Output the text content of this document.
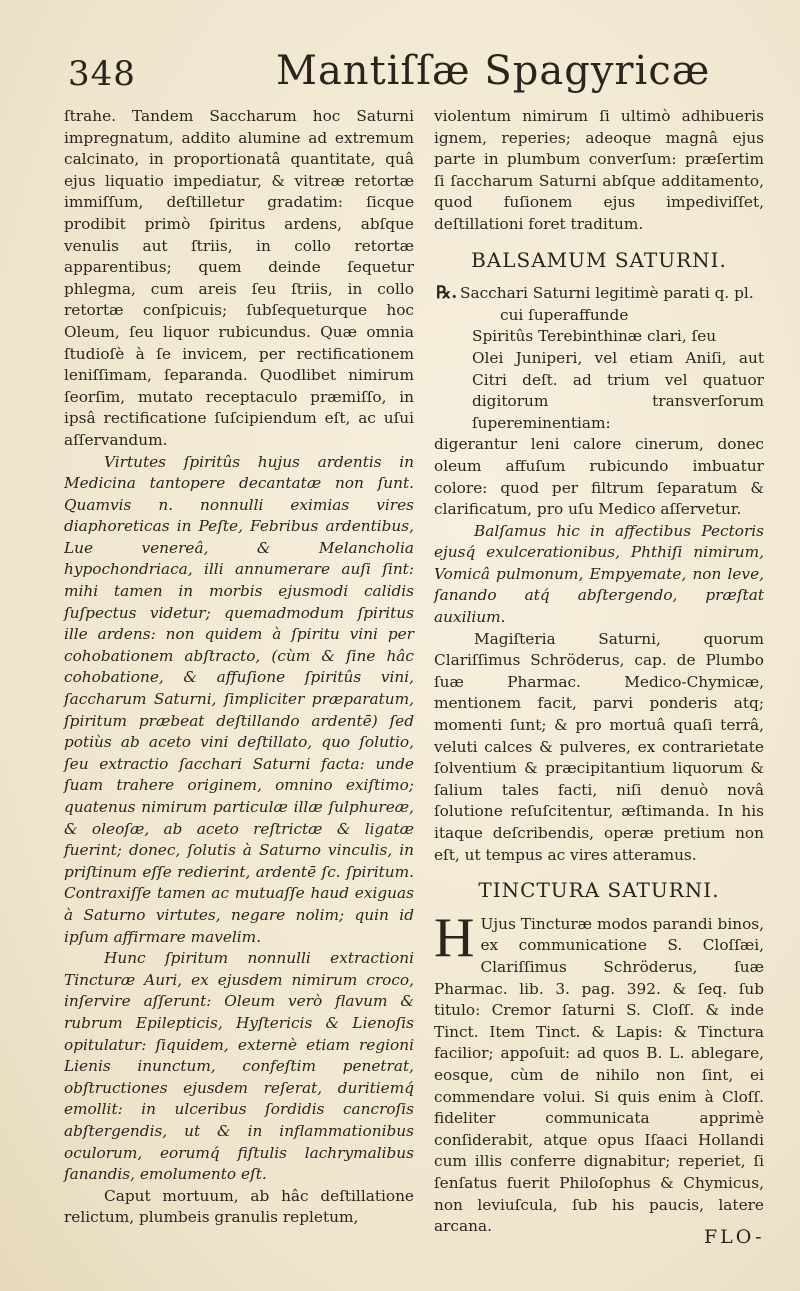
348	Mantiſſæ Spagyricæ

ſtrahe. Tandem Saccharum hoc Saturni impregnatum, addito alumine ad extremum calcinato, in proportionatâ quantitate, quâ ejus liquatio impediatur, & vitreæ retortæ immiſſum, deſtilletur gradatim: ſicque prodibit primò ſpiritus ardens, abſque venulis aut ſtriis, in collo retortæ apparentibus; quem deinde ſequetur phlegma, cum areis ſeu ſtriis, in collo retortæ conſpicuis; ſubſequeturque hoc Oleum, ſeu liquor rubicundus. Quæ omnia ſtudioſè à ſe invicem, per rectificationem leniſſimam, ſeparanda. Quodlibet nimirum ſeorſim, mutato receptaculo præmiſſo, in ipsâ rectificatione ſuſcipiendum eſt, ac uſui aſſervandum.

Virtutes ſpiritûs hujus ardentis in Medicina tantopere decantatæ non ſunt. Quamvis n. nonnulli eximias vires diaphoreticas in Peſte, Febribus ardentibus, Lue venereâ, & Melancholia hypochondriaca, illi annumerare auſi ſint: mihi tamen in morbis ejusmodi calidis ſuſpectus videtur; quemadmodum ſpiritus ille ardens: non quidem à ſpiritu vini per cohobationem abſtracto, (cùm & ſine hâc cohobatione, & affuſione ſpiritûs vini, ſaccharum Saturni, ſimpliciter præparatum, ſpiritum præbeat deſtillando ardentē) ſed potiùs ab aceto vini deſtillato, quo ſolutio, ſeu extractio ſacchari Saturni facta: unde ſuam trahere originem, omnino exiſtimo; quatenus nimirum particulæ illæ ſulphureæ, & oleoſæ, ab aceto reſtrictæ & ligatæ fuerint; donec, ſolutis à Saturno vinculis, in priſtinum eſſe redierint, ardentē ſc. ſpiritum. Contraxiſſe tamen ac mutuaſſe haud exiguas à Saturno virtutes, negare nolim; quin id ipſum affirmare mavelim.

Hunc ſpiritum nonnulli extractioni Tincturæ Auri, ex ejusdem nimirum croco, inſervire aſſerunt: Oleum verò flavum & rubrum Epilepticis, Hyſtericis & Lienoſis opitulatur: ſiquidem, externè etiam regioni Lienis inunctum, confeſtim penetrat, obſtructiones ejusdem reſerat, duritiemq́ emollit: in ulceribus ſordidis cancroſis abſtergendis, ut & in inflammationibus oculorum, eorumq́ fiſtulis lachrymalibus ſanandis, emolumento eſt.

Caput mortuum, ab hâc deſtillatione relictum, plumbeis granulis repletum,

violentum nimirum ſi ultimò adhibueris ignem, reperies; adeoque magnâ ejus parte in plumbum converſum: præſertim ſi ſaccharum Saturni abſque additamento, quod fuſionem ejus impediviſſet, deſtillationi foret traditum.

BALSAMUM SATURNI.
℞. Sacchari Saturni legitimè parati q. pl.
cui ſuperaffunde
Spiritûs Terebinthinæ clari, ſeu
Olei Juniperi, vel etiam Aniſi, aut Citri deſt. ad trium vel quatuor digitorum transverſorum ſupereminentiam:

digerantur leni calore cinerum, donec oleum affuſum rubicundo imbuatur colore: quod per filtrum ſeparatum & clarificatum, pro uſu Medico aſſervetur.

Balſamus hic in affectibus Pectoris ejusq́ exulcerationibus, Phthiſi nimirum, Vomicâ pulmonum, Empyemate, non leve, ſanando atq́ abſtergendo, præſtat auxilium.

Magiſteria Saturni, quorum Clariſſimus Schröderus, cap. de Plumbo ſuæ Pharmac. Medico-Chymicæ, mentionem facit, parvi ponderis atq; momenti ſunt; & pro mortuâ quaſi terrâ, veluti calces & pulveres, ex contrarietate ſolventium & præcipitantium liquorum & ſalium tales facti, niſi denuò novâ ſolutione reſuſcitentur, æſtimanda. In his itaque deſcribendis, operæ pretium non eſt, ut tempus ac vires atteramus.

TINCTURA SATURNI.

H Ujus Tincturæ modos parandi binos, ex communicatione S. Cloſſæi, Clariſſimus Schröderus, ſuæ Pharmac. lib. 3. pag. 392. & ſeq. ſub titulo: Cremor ſaturni S. Cloſſ. & inde Tinct. Item Tinct. & Lapis: & Tinctura facilior; appoſuit: ad quos B. L. ablegare, eosque, cùm de nihilo non ſint, ei commendare volui. Si quis enim à Cloſſ. fideliter communicata apprimè conſiderabit, atque opus Iſaaci Hollandi cum illis conferre dignabitur; reperiet, ſi ſenſatus fuerit Philoſophus & Chymicus, non leviuſcula, ſub his paucis, latere arcana.	FLO-
